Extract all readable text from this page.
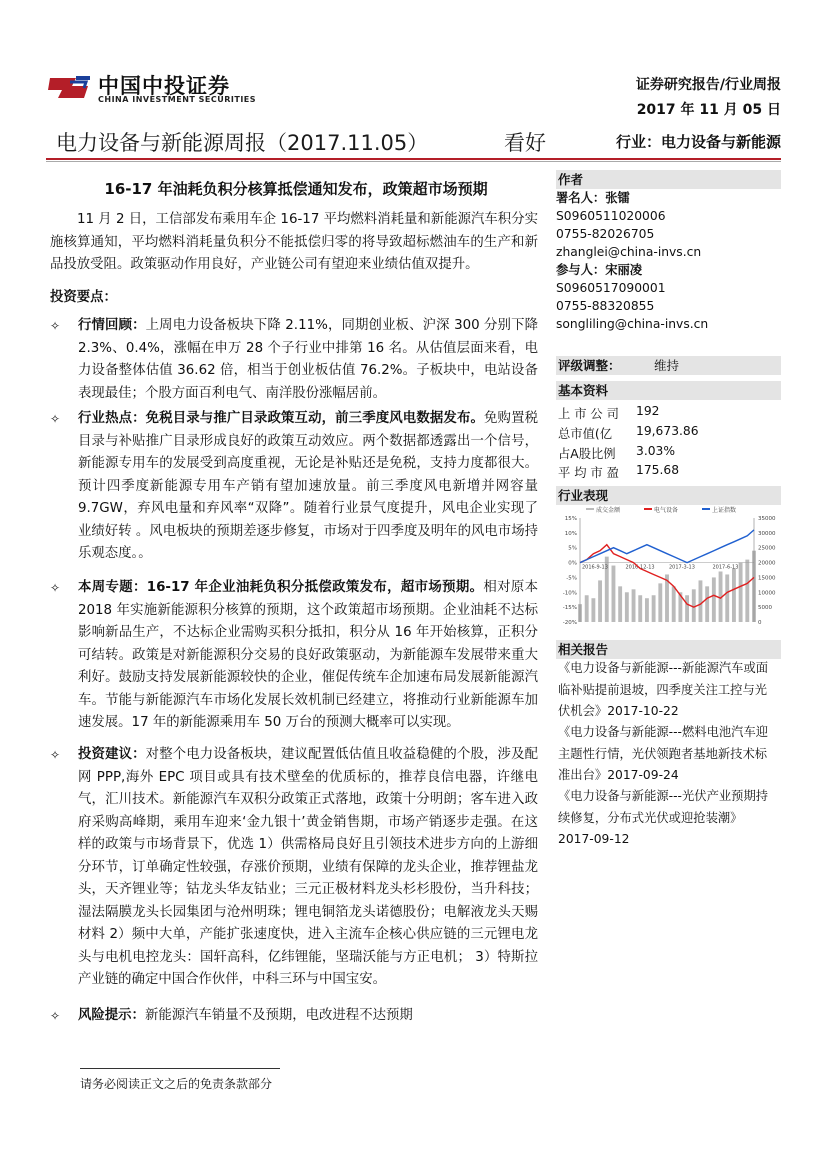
中国中投证券
CHINA INVESTMENT SECURITIES
证券研究报告/行业周报
2017 年 11 月 05 日
电力设备与新能源周报（2017.11.05）	看好	行业：电力设备与新能源
16-17 年油耗负积分核算抵偿通知发布，政策超市场预期
11 月 2 日，工信部发布乘用车企 16-17 平均燃料消耗量和新能源汽车积分实施核算通知，平均燃料消耗量负积分不能抵偿归零的将导致超标燃油车的生产和新品投放受阻。政策驱动作用良好，产业链公司有望迎来业绩估值双提升。
投资要点：
✧	行情回顾：上周电力设备板块下降 2.11%，同期创业板、沪深 300 分别下降 2.3%、0.4%，涨幅在申万 28 个子行业中排第 16 名。从估值层面来看，电力设备整体估值 36.62 倍，相当于创业板估值 76.2%。子板块中，电站设备表现最佳；个股方面百利电气、南洋股份涨幅居前。
✧	行业热点：免税目录与推广目录政策互动，前三季度风电数据发布。免购置税目录与补贴推广目录形成良好的政策互动效应。两个数据都透露出一个信号，新能源专用车的发展受到高度重视，无论是补贴还是免税，支持力度都很大。预计四季度新能源专用车产销有望加速放量。前三季度风电新增并网容量 9.7GW，弃风电量和弃风率“双降”。随着行业景气度提升，风电企业实现了业绩好转 。风电板块的预期差逐步修复，市场对于四季度及明年的风电市场持乐观态度。。
✧	本周专题：16-17 年企业油耗负积分抵偿政策发布，超市场预期。相对原本 2018 年实施新能源积分核算的预期，这个政策超市场预期。企业油耗不达标影响新品生产，不达标企业需购买积分抵扣，积分从 16 年开始核算，正积分可结转。政策是对新能源积分交易的良好政策驱动，为新能源车发展带来重大利好。鼓励支持发展新能源较快的企业，催促传统车企加速布局发展新能源汽车。节能与新能源汽车市场化发展长效机制已经建立，将推动行业新能源车加速发展。17 年的新能源乘用车 50 万台的预测大概率可以实现。
✧	投资建议：对整个电力设备板块，建议配置低估值且收益稳健的个股，涉及配网 PPP,海外 EPC 项目或具有技术壁垒的优质标的，推荐良信电器，许继电气，汇川技术。新能源汽车双积分政策正式落地，政策十分明朗；客车进入政府采购高峰期，乘用车迎来‘金九银十’黄金销售期，市场产销逐步走强。在这样的政策与市场背景下，优选 1）供需格局良好且引领技术进步方向的上游细分环节，订单确定性较强，存涨价预期，业绩有保障的龙头企业，推荐锂盐龙头，天齐锂业等；钴龙头华友钴业；三元正极材料龙头杉杉股份，当升科技；湿法隔膜龙头长园集团与沧州明珠；锂电铜箔龙头诺德股份；电解液龙头天赐材料 2）频中大单，产能扩张速度快，进入主流车企核心供应链的三元锂电龙头与电机电控龙头：国轩高科，亿纬锂能，坚瑞沃能与方正电机； 3）特斯拉产业链的确定中国合作伙伴，中科三环与中国宝安。
✧	风险提示：新能源汽车销量不及预期，电改进程不达预期
请务必阅读正文之后的免责条款部分
作者
署名人：张镭
S0960511020006
0755-82026705
zhanglei@china-invs.cn
参与人：宋丽凌
S0960517090001
0755-88320855
songliling@china-invs.cn
评级调整：	维持
基本资料
上 市 公 司 192
总市值(亿 19,673.86
占A股比例 3.03%
平 均 市 盈 175.68
行业表现
成交金额	电气设备	上证指数
15%
10%
5%
0%
-5%
-10%
-15%
-20%
35000
30000
25000
20000
15000
10000
5000
0
2016-9-13	2016-12-13	2017-3-13	2017-6-13
相关报告
《电力设备与新能源---新能源汽车或面临补贴提前退坡，四季度关注工控与光伏机会》2017-10-22
《电力设备与新能源---燃料电池汽车迎主题性行情，光伏领跑者基地新技术标准出台》2017-09-24
《电力设备与新能源---光伏产业预期持续修复，分布式光伏或迎抢装潮》2017-09-12
